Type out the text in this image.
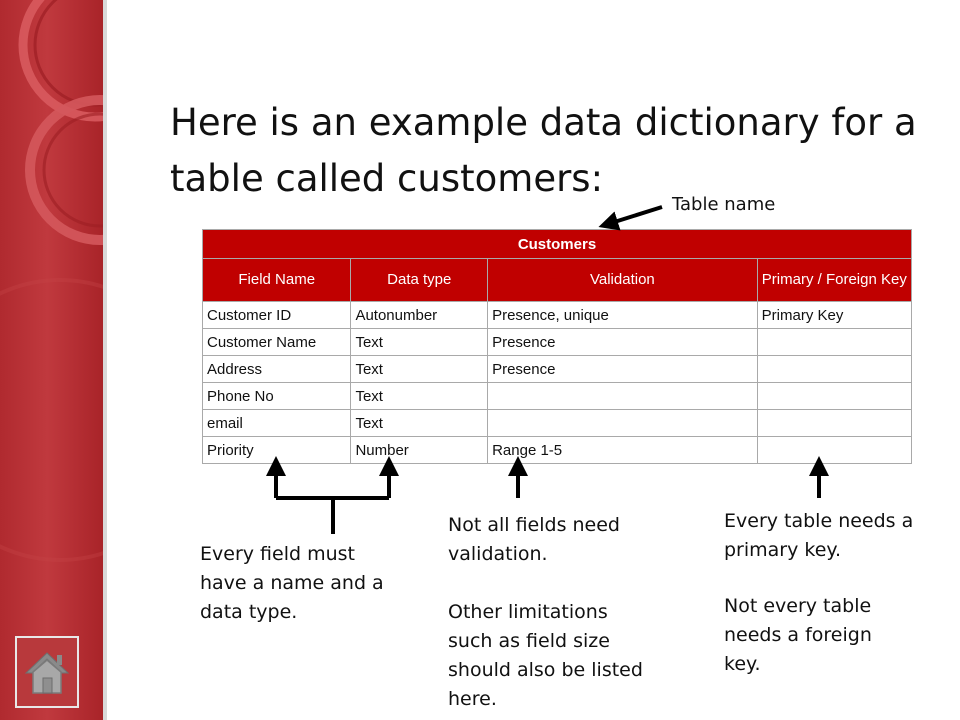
Here is an example data dictionary for a table called customers:
Table name
Customers			
Field Name	Data type	Validation	Primary / Foreign Key
Customer ID	Autonumber	Presence, unique	Primary Key
Customer Name	Text	Presence	
Address	Text	Presence	
Phone No	Text		
email	Text		
Priority	Number	Range 1-5	
Every field must have a name and a data type.
Not all fields need validation.
Other limitations such as field size should also be listed here.
Every table needs a primary key.
Not every table needs a foreign key.
